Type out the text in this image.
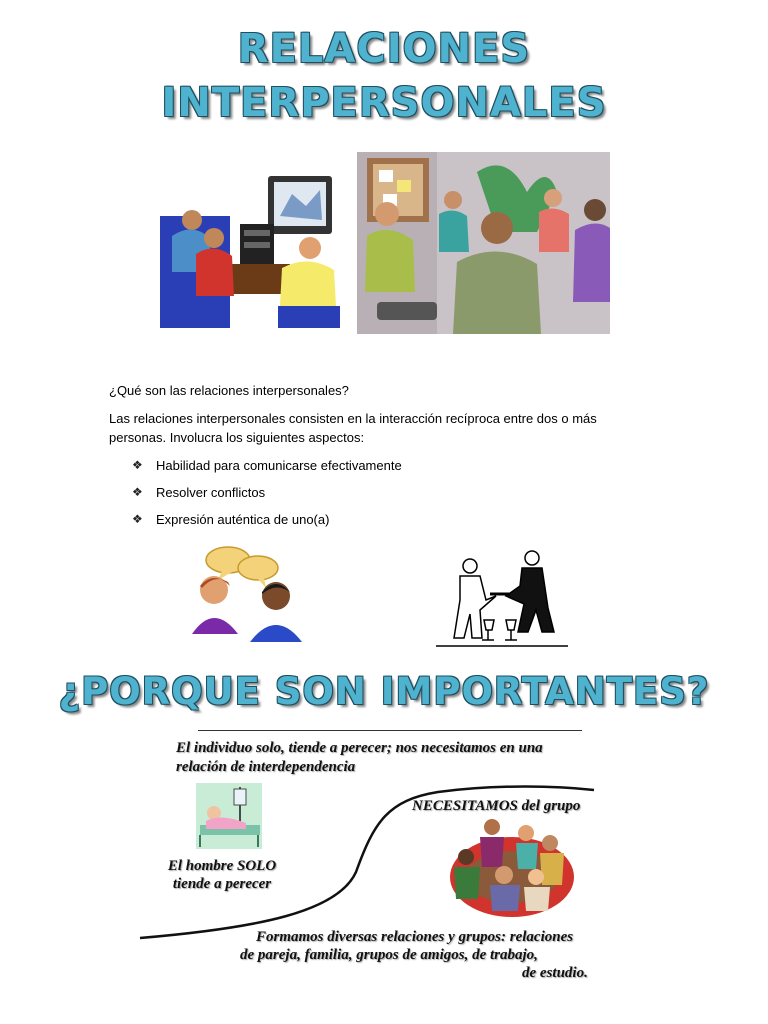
RELACIONES
INTERPERSONALES
¿Qué son las relaciones interpersonales?
Las relaciones interpersonales consisten en la interacción recíproca entre dos o más
personas. Involucra los siguientes aspectos:
❖	Habilidad para comunicarse efectivamente
❖	Resolver conflictos
❖	Expresión auténtica de uno(a)
¿PORQUE SON IMPORTANTES?
El individuo solo, tiende a perecer; nos necesitamos en una
relación de interdependencia
NECESITAMOS del grupo
El hombre SOLO
tiende a perecer
Formamos diversas relaciones y grupos: relaciones
de pareja, familia, grupos de amigos, de trabajo,
de estudio.
